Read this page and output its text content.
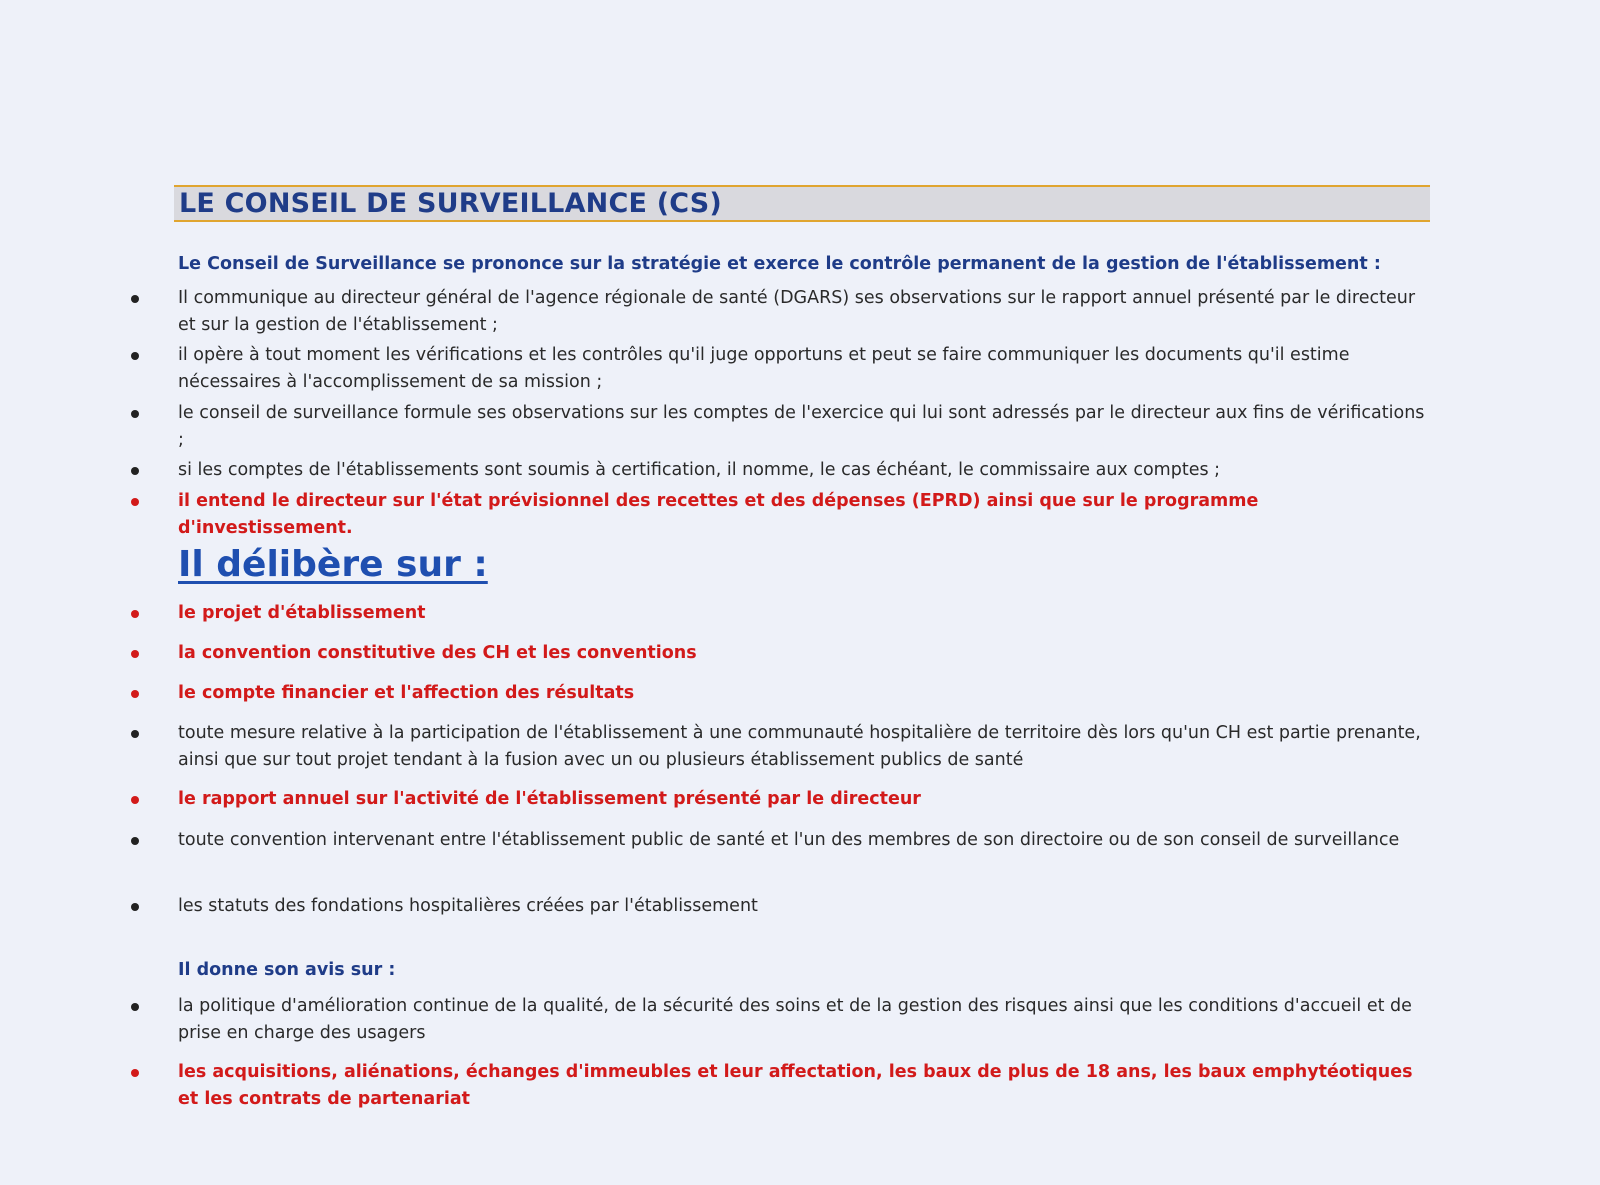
LE CONSEIL DE SURVEILLANCE (CS)
Le Conseil de Surveillance se prononce sur la stratégie et exerce le contrôle permanent de la gestion de l'établissement :
Il communique au directeur général de l'agence régionale de santé (DGARS) ses observations sur le rapport annuel présenté par le directeur et sur la gestion de l'établissement ;
il opère à tout moment les vérifications et les contrôles qu'il juge opportuns et peut se faire communiquer les documents qu'il estime nécessaires à l'accomplissement de sa mission ;
le conseil de surveillance formule ses observations sur les comptes de l'exercice qui lui sont adressés par le directeur aux fins de vérifications ;
si les comptes de l'établissements sont soumis à certification, il nomme, le cas échéant, le commissaire aux comptes ;
il entend le directeur sur l'état prévisionnel des recettes et des dépenses (EPRD) ainsi que sur le programme d'investissement.
Il délibère sur :
le projet d'établissement
la convention constitutive des CH et les conventions
le compte financier et l'affection des résultats
toute mesure relative à la participation de l'établissement à une communauté hospitalière de territoire dès lors qu'un CH est partie prenante, ainsi que sur tout projet tendant à la fusion avec un ou plusieurs établissement publics de santé
le rapport annuel sur l'activité de l'établissement présenté par le directeur
toute convention intervenant entre l'établissement public de santé et l'un des membres de son directoire ou de son conseil de surveillance
les statuts des fondations hospitalières créées par l'établissement
Il donne son avis sur :
la politique d'amélioration continue de la qualité, de la sécurité des soins et de la gestion des risques ainsi que les conditions d'accueil et de prise en charge des usagers
les acquisitions, aliénations, échanges d'immeubles et leur affectation, les baux de plus de 18 ans, les baux emphytéotiques et les contrats de partenariat
